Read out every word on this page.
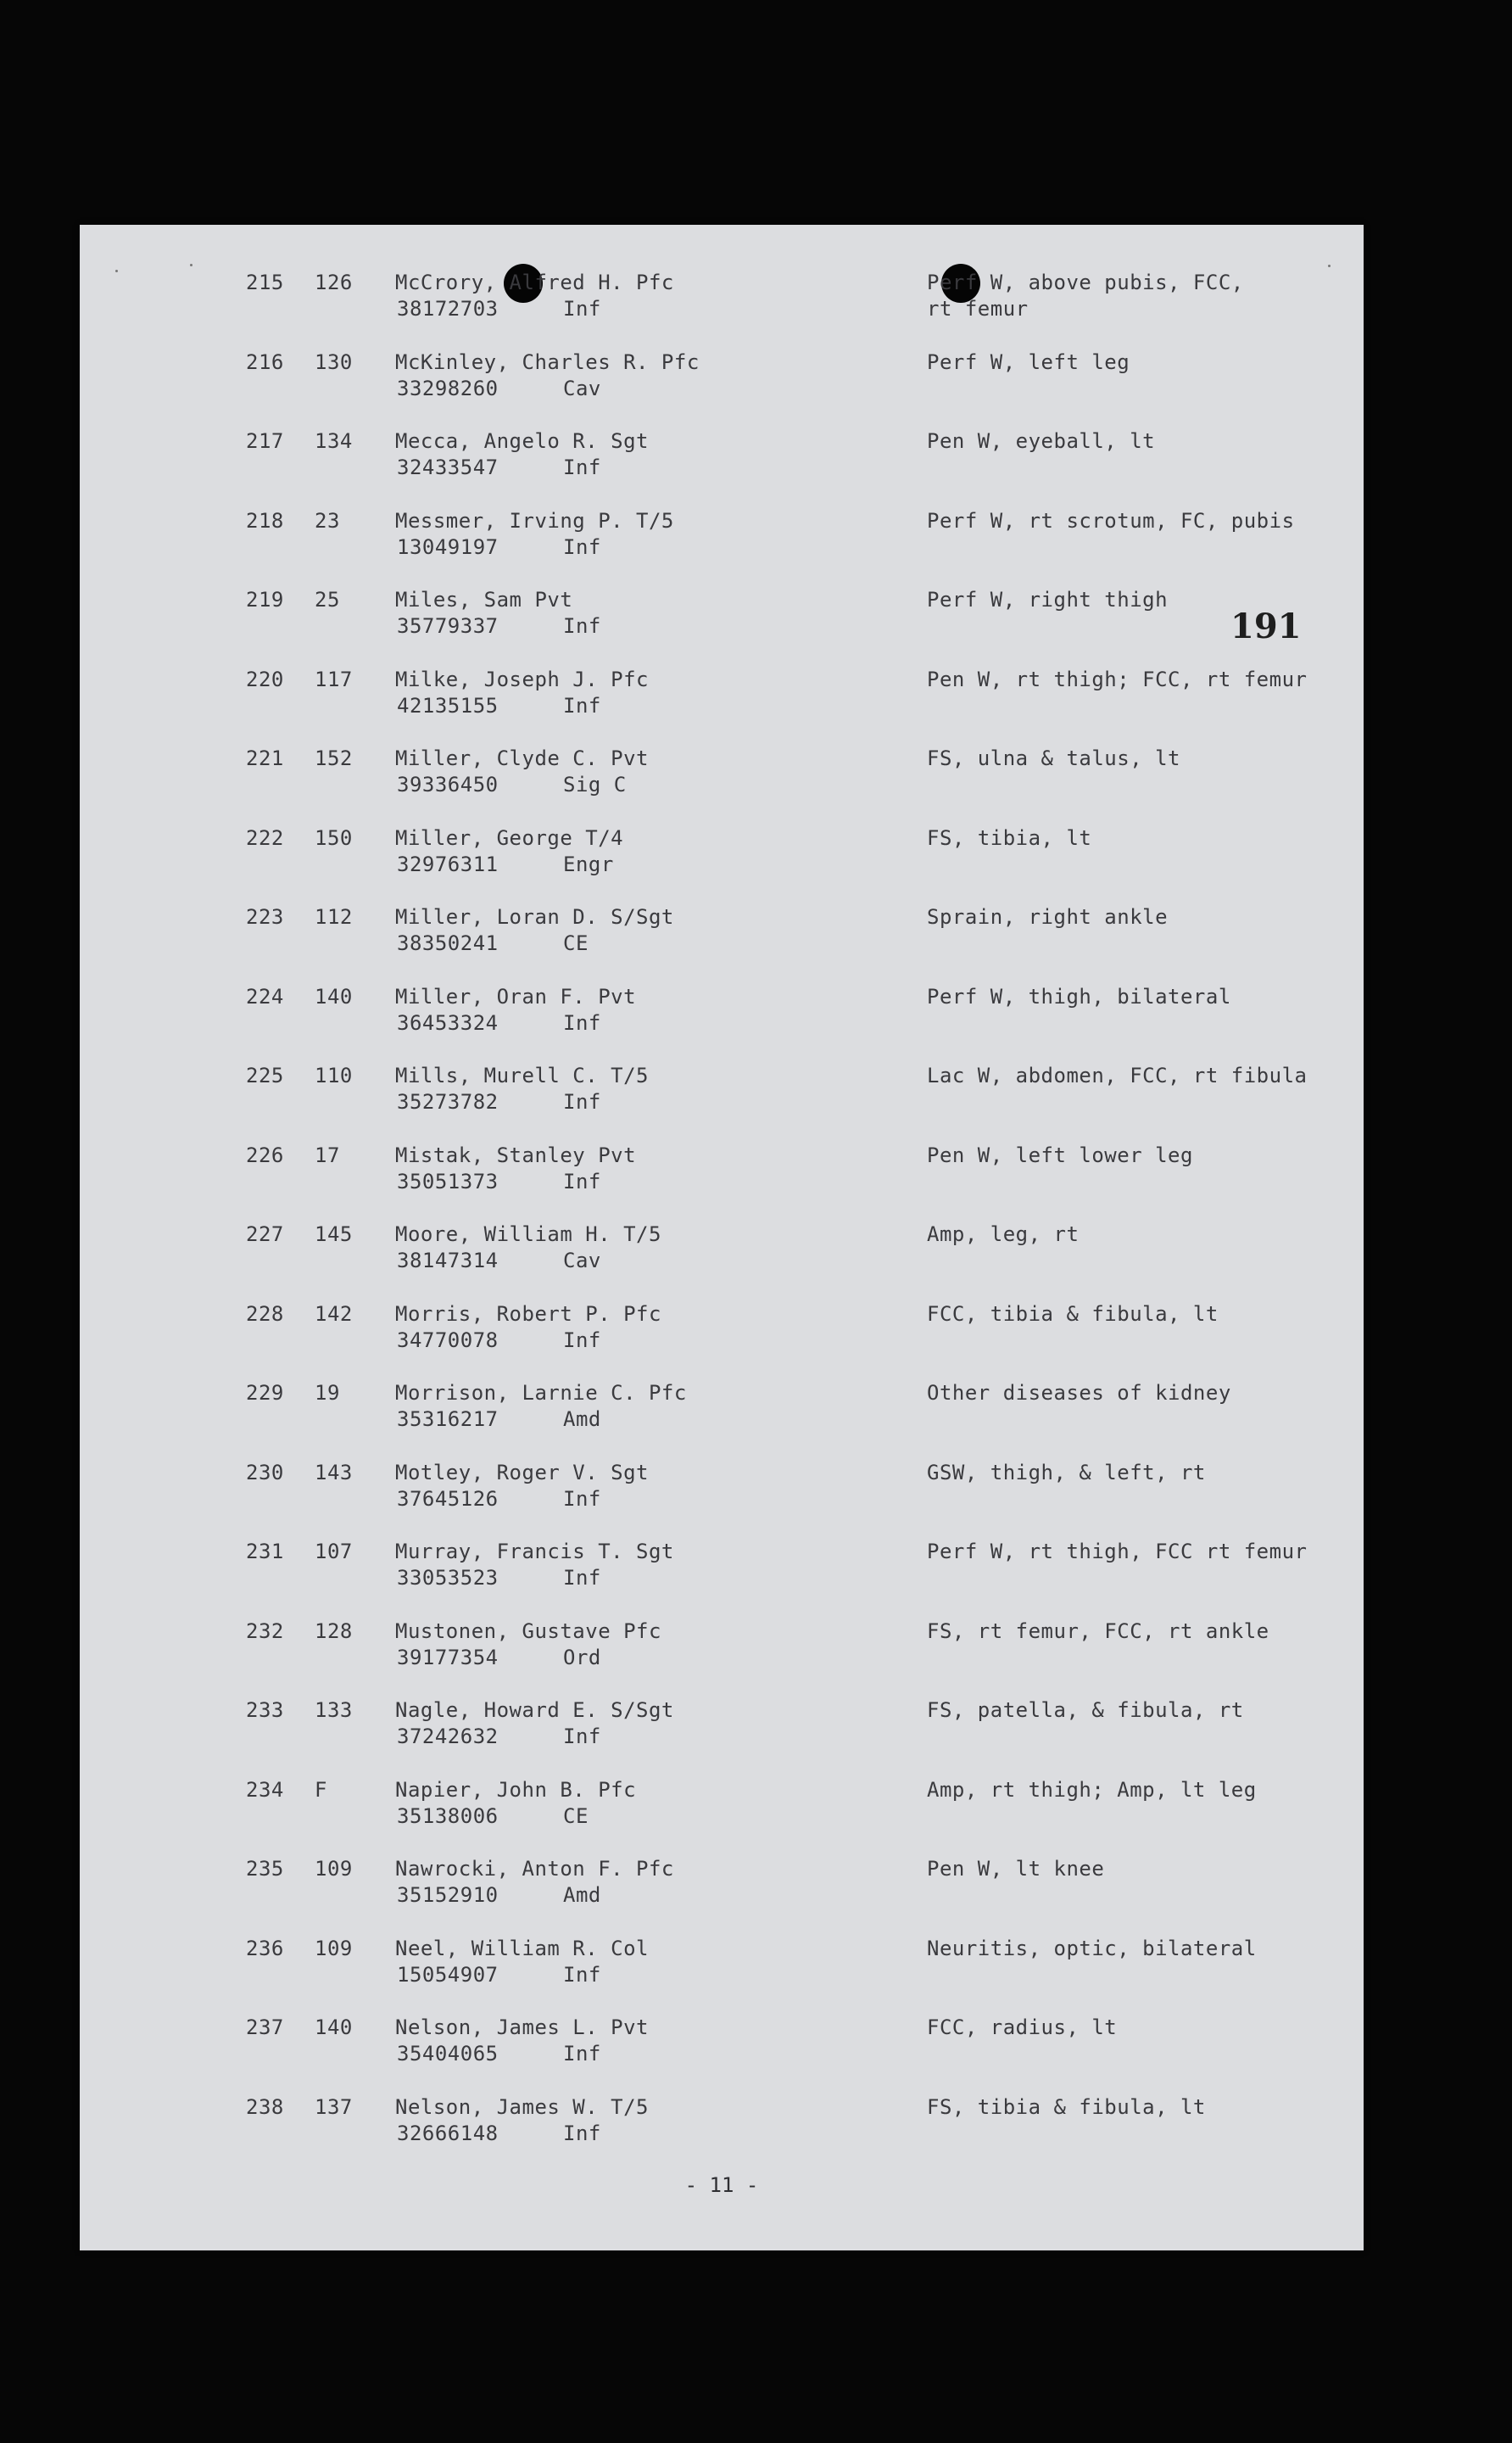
191
215 126 McCrory, Alfred H. Pfc
38172703	Inf
Perf W, above pubis, FCC,
rt femur
216 130 McKinley, Charles R. Pfc
33298260	Cav
Perf W, left leg
217 134 Mecca, Angelo R. Sgt
32433547	Inf
Pen W, eyeball, lt
218 23	Messmer, Irving P. T/5
13049197	Inf
Perf W, rt scrotum, FC, pubis
219 25	Miles, Sam Pvt
35779337	Inf
Perf W, right thigh
220 117 Milke, Joseph J. Pfc
42135155	Inf
Pen W, rt thigh; FCC, rt femur
221 152 Miller, Clyde C. Pvt
39336450	Sig C
FS, ulna & talus, lt
222 150 Miller, George T/4
32976311	Engr
FS, tibia, lt
223 112 Miller, Loran D. S/Sgt
38350241	CE
Sprain, right ankle
224 140 Miller, Oran F. Pvt
36453324	Inf
Perf W, thigh, bilateral
225 110 Mills, Murell C. T/5
35273782	Inf
Lac W, abdomen, FCC, rt fibula
226 17	Mistak, Stanley Pvt
35051373	Inf
Pen W, left lower leg
227 145 Moore, William H. T/5
38147314	Cav
Amp, leg, rt
228 142 Morris, Robert P. Pfc
34770078	Inf
FCC, tibia & fibula, lt
229 19	Morrison, Larnie C. Pfc
35316217	Amd
Other diseases of kidney
230 143 Motley, Roger V. Sgt
37645126	Inf
GSW, thigh, & left, rt
231 107 Murray, Francis T. Sgt
33053523	Inf
Perf W, rt thigh, FCC rt femur
232 128 Mustonen, Gustave Pfc
39177354	Ord
FS, rt femur, FCC, rt ankle
233 133 Nagle, Howard E. S/Sgt
37242632	Inf
FS, patella, & fibula, rt
234 F	Napier, John B. Pfc
35138006	CE
Amp, rt thigh; Amp, lt leg
235 109 Nawrocki, Anton F. Pfc
35152910	Amd
Pen W, lt knee
236 109 Neel, William R. Col
15054907	Inf
Neuritis, optic, bilateral
237 140 Nelson, James L. Pvt
35404065	Inf
FCC, radius, lt
238 137 Nelson, James W. T/5
32666148	Inf
FS, tibia & fibula, lt
- 11 -
